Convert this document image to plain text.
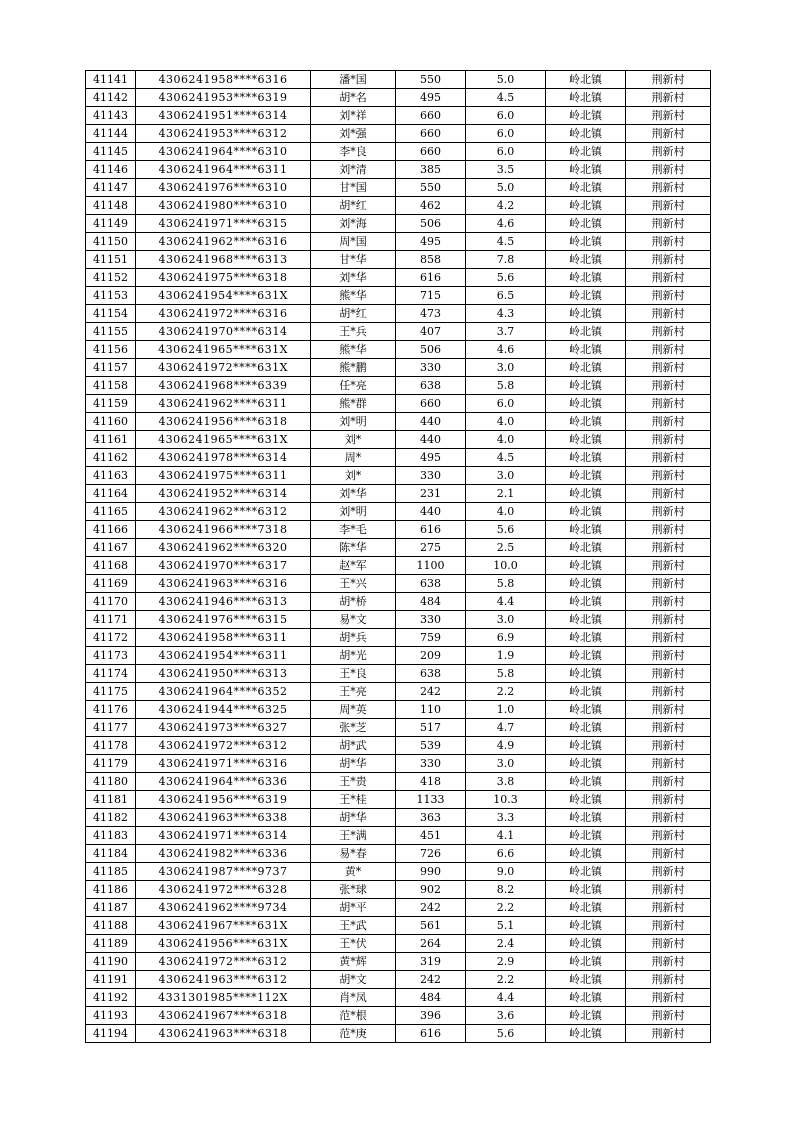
41141	4306241958****6316	潘*国	550	5.0	岭北镇	荆新村
41142	4306241953****6319	胡*名	495	4.5	岭北镇	荆新村
41143	4306241951****6314	刘*祥	660	6.0	岭北镇	荆新村
41144	4306241953****6312	刘*强	660	6.0	岭北镇	荆新村
41145	4306241964****6310	李*良	660	6.0	岭北镇	荆新村
41146	4306241964****6311	刘*清	385	3.5	岭北镇	荆新村
41147	4306241976****6310	甘*国	550	5.0	岭北镇	荆新村
41148	4306241980****6310	胡*红	462	4.2	岭北镇	荆新村
41149	4306241971****6315	刘*海	506	4.6	岭北镇	荆新村
41150	4306241962****6316	周*国	495	4.5	岭北镇	荆新村
41151	4306241968****6313	甘*华	858	7.8	岭北镇	荆新村
41152	4306241975****6318	刘*华	616	5.6	岭北镇	荆新村
41153	4306241954****631X	熊*华	715	6.5	岭北镇	荆新村
41154	4306241972****6316	胡*红	473	4.3	岭北镇	荆新村
41155	4306241970****6314	王*兵	407	3.7	岭北镇	荆新村
41156	4306241965****631X	熊*华	506	4.6	岭北镇	荆新村
41157	4306241972****631X	熊*鹏	330	3.0	岭北镇	荆新村
41158	4306241968****6339	任*亮	638	5.8	岭北镇	荆新村
41159	4306241962****6311	熊*群	660	6.0	岭北镇	荆新村
41160	4306241956****6318	刘*明	440	4.0	岭北镇	荆新村
41161	4306241965****631X	刘*	440	4.0	岭北镇	荆新村
41162	4306241978****6314	周*	495	4.5	岭北镇	荆新村
41163	4306241975****6311	刘*	330	3.0	岭北镇	荆新村
41164	4306241952****6314	刘*华	231	2.1	岭北镇	荆新村
41165	4306241962****6312	刘*明	440	4.0	岭北镇	荆新村
41166	4306241966****7318	李*毛	616	5.6	岭北镇	荆新村
41167	4306241962****6320	陈*华	275	2.5	岭北镇	荆新村
41168	4306241970****6317	赵*军	1100	10.0	岭北镇	荆新村
41169	4306241963****6316	王*兴	638	5.8	岭北镇	荆新村
41170	4306241946****6313	胡*桥	484	4.4	岭北镇	荆新村
41171	4306241976****6315	易*文	330	3.0	岭北镇	荆新村
41172	4306241958****6311	胡*兵	759	6.9	岭北镇	荆新村
41173	4306241954****6311	胡*光	209	1.9	岭北镇	荆新村
41174	4306241950****6313	王*良	638	5.8	岭北镇	荆新村
41175	4306241964****6352	王*亮	242	2.2	岭北镇	荆新村
41176	4306241944****6325	周*英	110	1.0	岭北镇	荆新村
41177	4306241973****6327	张*芝	517	4.7	岭北镇	荆新村
41178	4306241972****6312	胡*武	539	4.9	岭北镇	荆新村
41179	4306241971****6316	胡*华	330	3.0	岭北镇	荆新村
41180	4306241964****6336	王*贵	418	3.8	岭北镇	荆新村
41181	4306241956****6319	王*桂	1133	10.3	岭北镇	荆新村
41182	4306241963****6338	胡*华	363	3.3	岭北镇	荆新村
41183	4306241971****6314	王*满	451	4.1	岭北镇	荆新村
41184	4306241982****6336	易*春	726	6.6	岭北镇	荆新村
41185	4306241987****9737	黄*	990	9.0	岭北镇	荆新村
41186	4306241972****6328	张*球	902	8.2	岭北镇	荆新村
41187	4306241962****9734	胡*平	242	2.2	岭北镇	荆新村
41188	4306241967****631X	王*武	561	5.1	岭北镇	荆新村
41189	4306241956****631X	王*伏	264	2.4	岭北镇	荆新村
41190	4306241972****6312	黄*辉	319	2.9	岭北镇	荆新村
41191	4306241963****6312	胡*文	242	2.2	岭北镇	荆新村
41192	4331301985****112X	肖*凤	484	4.4	岭北镇	荆新村
41193	4306241967****6318	范*根	396	3.6	岭北镇	荆新村
41194	4306241963****6318	范*庚	616	5.6	岭北镇	荆新村
